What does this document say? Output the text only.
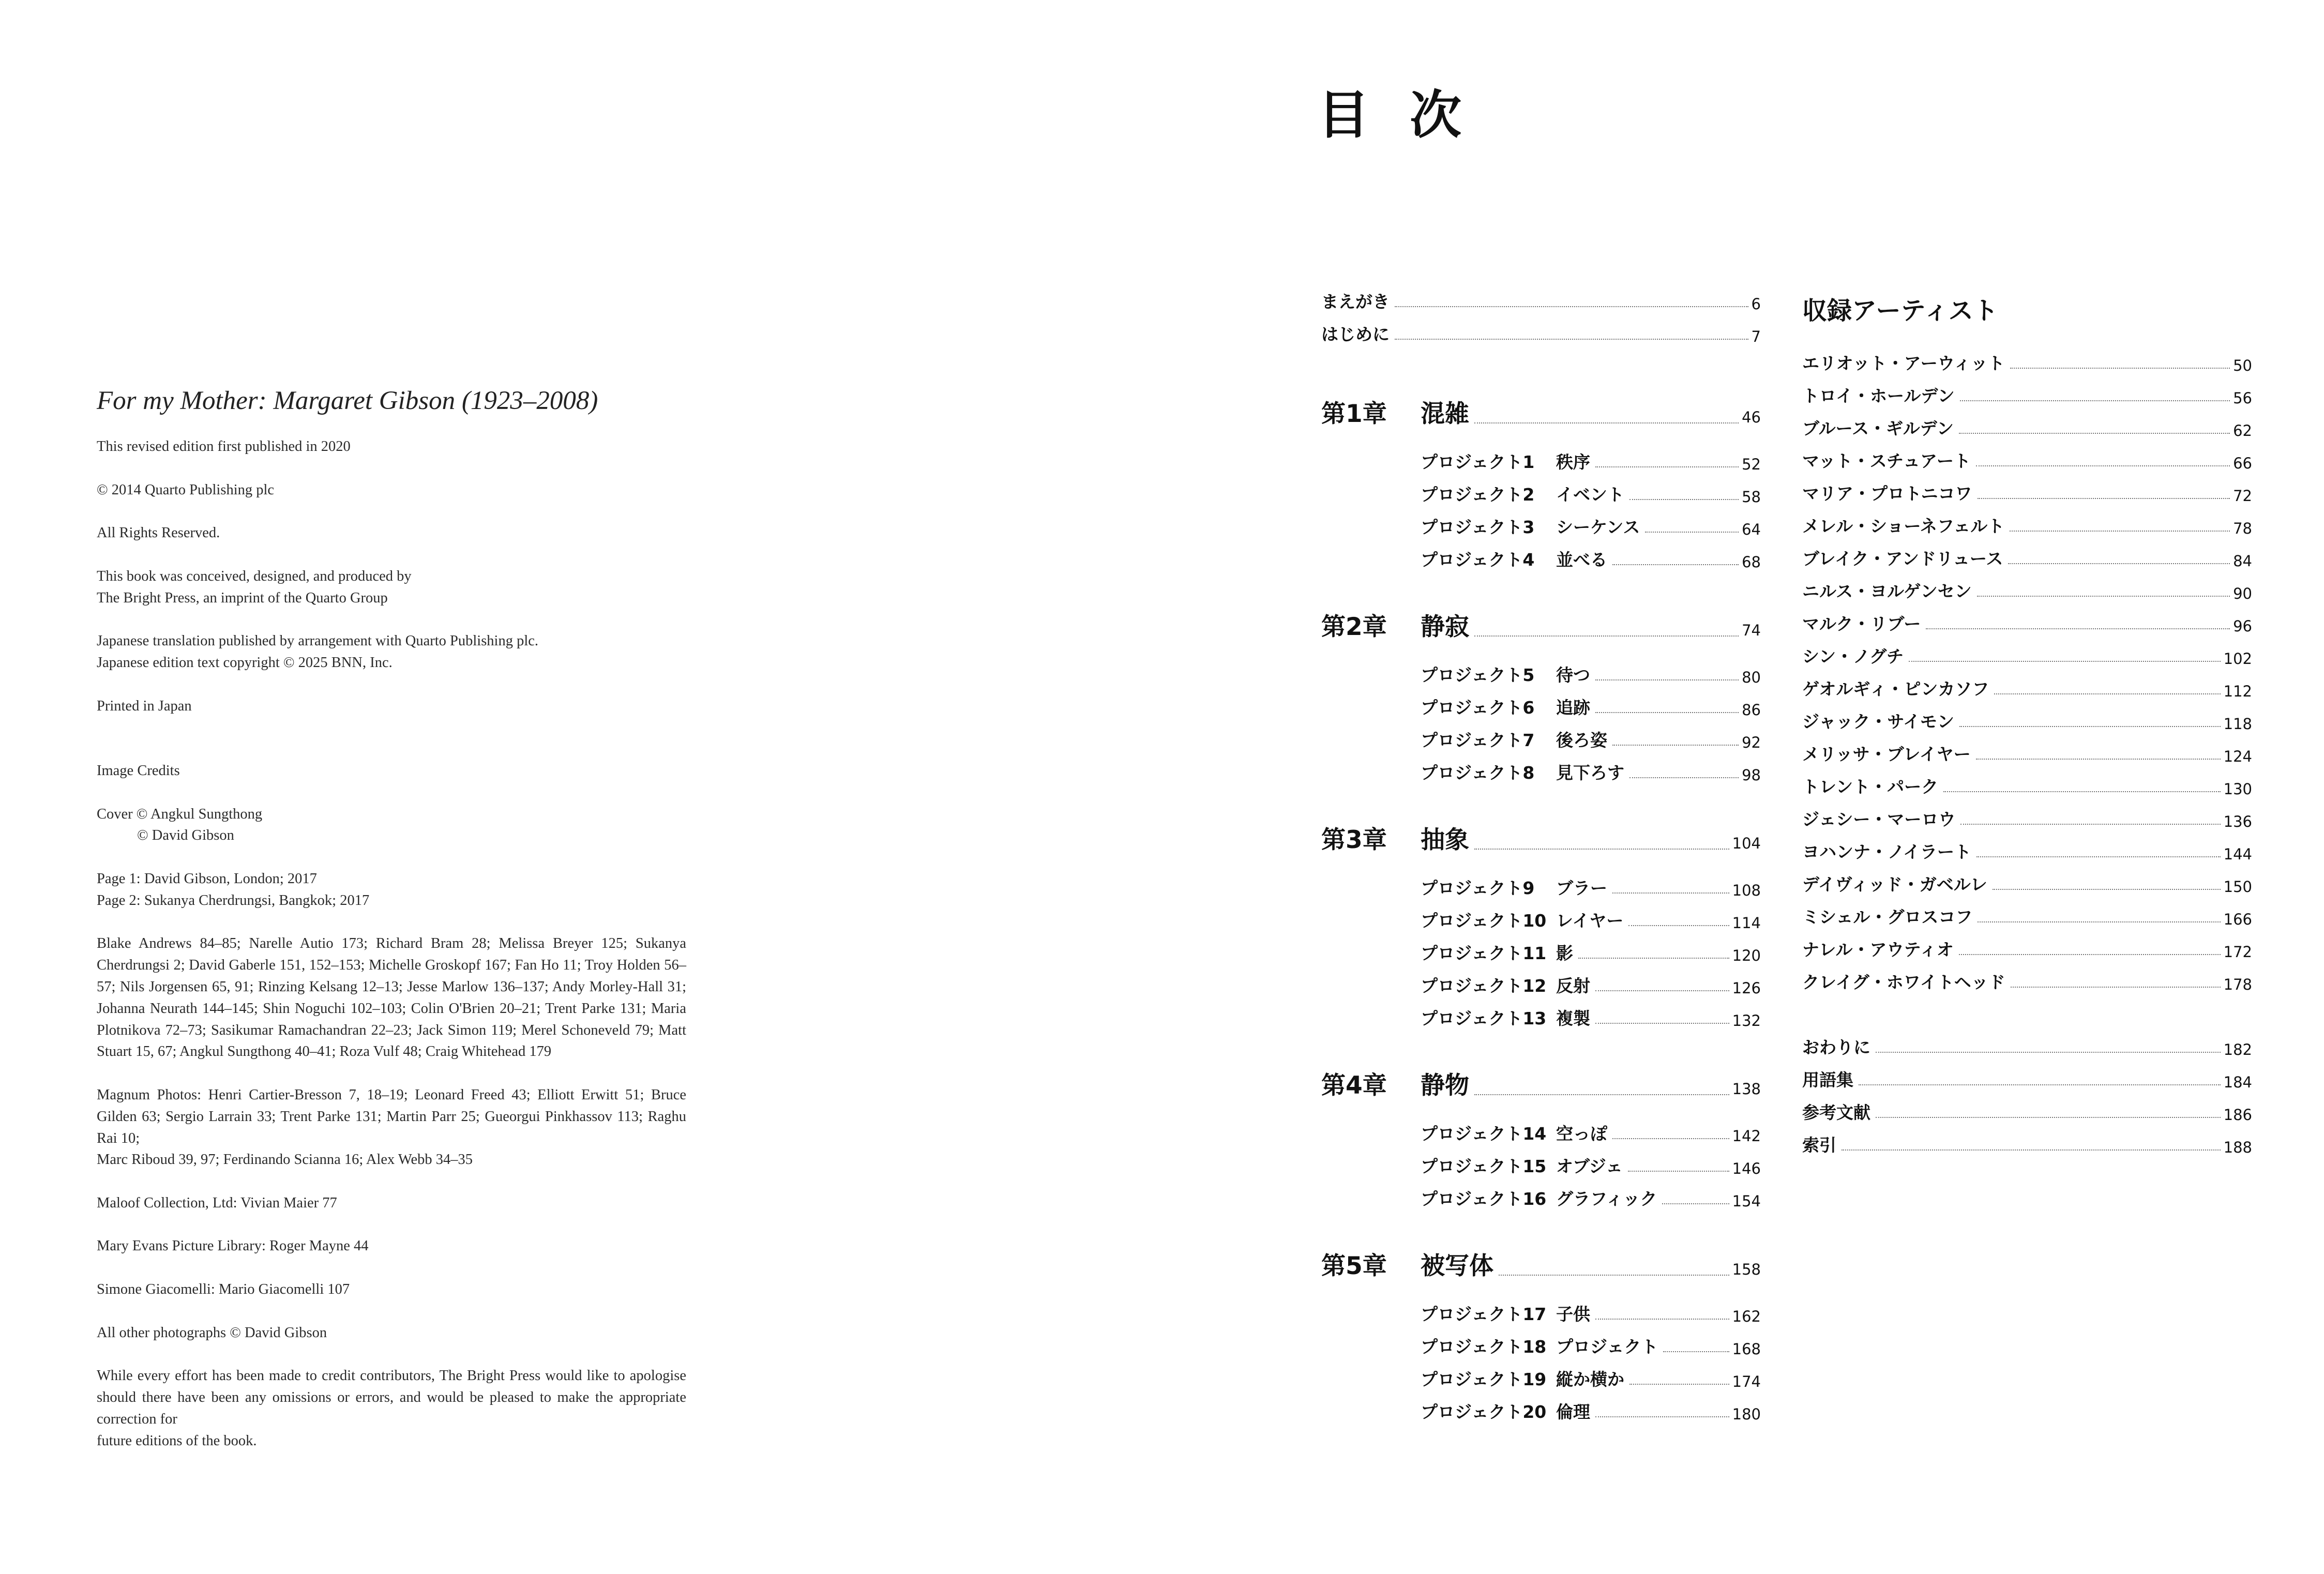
For my Mother: Margaret Gibson (1923–2008)

This revised edition first published in 2020

© 2014 Quarto Publishing plc

All Rights Reserved.

This book was conceived, designed, and produced by
The Bright Press, an imprint of the Quarto Group

Japanese translation published by arrangement with Quarto Publishing plc.
Japanese edition text copyright © 2025 BNN, Inc.

Printed in Japan

Image Credits

Cover © Angkul Sungthong
© David Gibson

Page 1: David Gibson, London; 2017
Page 2: Sukanya Cherdrungsi, Bangkok; 2017

Blake Andrews 84–85; Narelle Autio 173; Richard Bram 28; Melissa Breyer 125; Sukanya Cherdrungsi 2; David Gaberle 151, 152–153; Michelle Groskopf 167; Fan Ho 11; Troy Holden 56–57; Nils Jorgensen 65, 91; Rinzing Kelsang 12–13; Jesse Marlow 136–137; Andy Morley-Hall 31; Johanna Neurath 144–145; Shin Noguchi 102–103; Colin O'Brien 20–21; Trent Parke 131; Maria Plotnikova 72–73; Sasikumar Ramachandran 22–23; Jack Simon 119; Merel Schoneveld 79; Matt Stuart 15, 67; Angkul Sungthong 40–41; Roza Vulf 48; Craig Whitehead 179

Magnum Photos: Henri Cartier-Bresson 7, 18–19; Leonard Freed 43; Elliott Erwitt 51; Bruce Gilden 63; Sergio Larrain 33; Trent Parke 131; Martin Parr 25; Gueorgui Pinkhassov 113; Raghu Rai 10;
Marc Riboud 39, 97; Ferdinando Scianna 16; Alex Webb 34–35

Maloof Collection, Ltd: Vivian Maier 77

Mary Evans Picture Library: Roger Mayne 44

Simone Giacomelli: Mario Giacomelli 107

All other photographs © David Gibson

While every effort has been made to credit contributors, The Bright Press would like to apologise should there have been any omissions or errors, and would be pleased to make the appropriate correction for
future editions of the book.

目次
まえがき	6
はじめに	7
第1章 混雑	46
プロジェクト1 秩序	52
プロジェクト2 イベント	58
プロジェクト3 シーケンス	64
プロジェクト4 並べる	68
第2章 静寂	74
プロジェクト5 待つ	80
プロジェクト6 追跡	86
プロジェクト7 後ろ姿	92
プロジェクト8 見下ろす	98
第3章 抽象	104
プロジェクト9 ブラー	108
プロジェクト10 レイヤー	114
プロジェクト11 影	120
プロジェクト12 反射	126
プロジェクト13 複製	132
第4章 静物	138
プロジェクト14 空っぽ	142
プロジェクト15 オブジェ	146
プロジェクト16 グラフィック	154
第5章 被写体	158
プロジェクト17 子供	162
プロジェクト18 プロジェクト	168
プロジェクト19 縦か横か	174
プロジェクト20 倫理	180
収録アーティスト
エリオット・アーウィット	50
トロイ・ホールデン	56
ブルース・ギルデン	62
マット・スチュアート	66
マリア・プロトニコワ	72
メレル・ショーネフェルト	78
ブレイク・アンドリュース	84
ニルス・ヨルゲンセン	90
マルク・リブー	96
シン・ノグチ	102
ゲオルギィ・ピンカソフ	112
ジャック・サイモン	118
メリッサ・ブレイヤー	124
トレント・パーク	130
ジェシー・マーロウ	136
ヨハンナ・ノイラート	144
デイヴィッド・ガベルレ	150
ミシェル・グロスコフ	166
ナレル・アウティオ	172
クレイグ・ホワイトヘッド	178
おわりに	182
用語集	184
参考文献	186
索引	188
